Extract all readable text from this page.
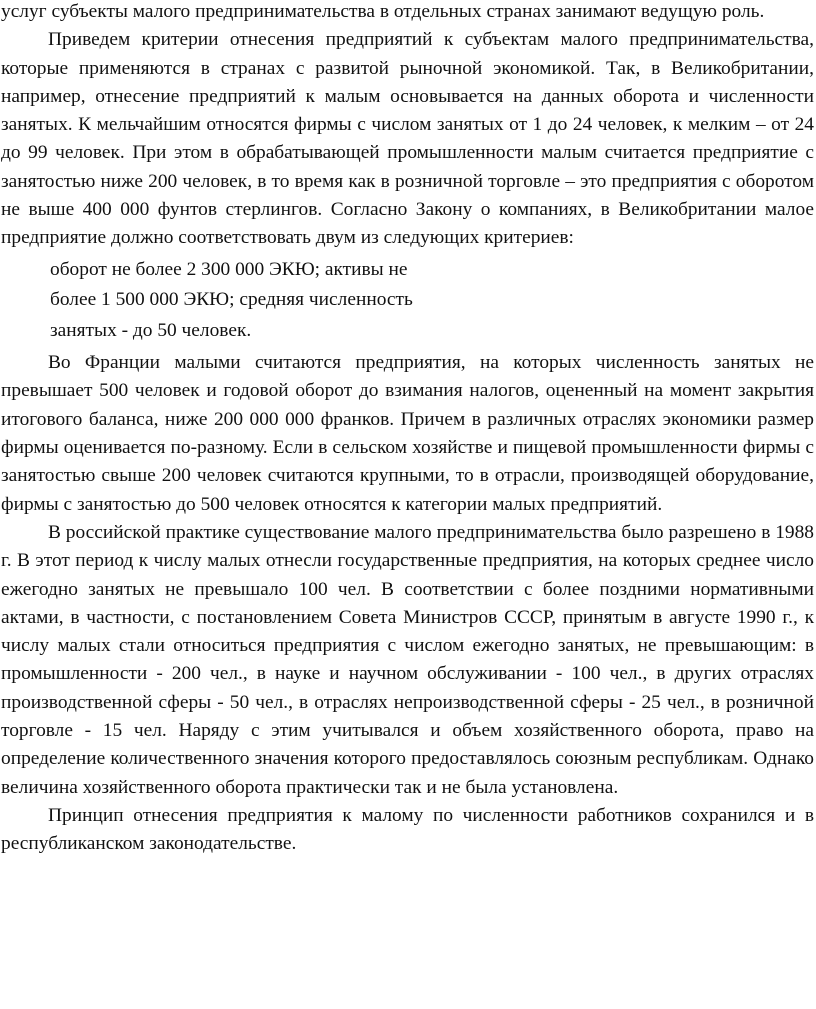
услуг субъекты малого предпринимательства в отдельных странах занимают ведущую роль.

Приведем критерии отнесения предприятий к субъектам малого предпринимательства, которые применяются в странах с развитой рыночной экономикой. Так, в Великобритании, например, отнесение предприятий к малым основывается на данных оборота и численности занятых. К мельчайшим относятся фирмы с числом занятых от 1 до 24 человек, к мелким – от 24 до 99 человек. При этом в обрабатывающей промышленности малым считается предприятие с занятостью ниже 200 человек, в то время как в розничной торговле – это предприятия с оборотом не выше 400 000 фунтов стерлингов. Согласно Закону о компаниях, в Великобритании малое предприятие должно соответствовать двум из следующих критериев:

оборот не более 2 300 000 ЭКЮ; активы не

более 1 500 000 ЭКЮ; средняя численность

занятых - до 50 человек.

Во Франции малыми считаются предприятия, на которых численность занятых не превышает 500 человек и годовой оборот до взимания налогов, оцененный на момент закрытия итогового баланса, ниже 200 000 000 франков. Причем в различных отраслях экономики размер фирмы оценивается по-разному. Если в сельском хозяйстве и пищевой промышленности фирмы с занятостью свыше 200 человек считаются крупными, то в отрасли, производящей оборудование, фирмы с занятостью до 500 человек относятся к категории малых предприятий.

В российской практике существование малого предпринимательства было разрешено в 1988 г. В этот период к числу малых отнесли государственные предприятия, на которых среднее число ежегодно занятых не превышало 100 чел. В соответствии с более поздними нормативными актами, в частности, с постановлением Совета Министров СССР, принятым в августе 1990 г., к числу малых стали относиться предприятия с числом ежегодно занятых, не превышающим: в промышленности - 200 чел., в науке и научном обслуживании - 100 чел., в других отраслях производственной сферы - 50 чел., в отраслях непроизводственной сферы - 25 чел., в розничной торговле - 15 чел. Наряду с этим учитывался и объем хозяйственного оборота, право на определение количественного значения которого предоставлялось союзным республикам. Однако величина хозяйственного оборота практически так и не была установлена.

Принцип отнесения предприятия к малому по численности работников сохранился и в республиканском законодательстве.
